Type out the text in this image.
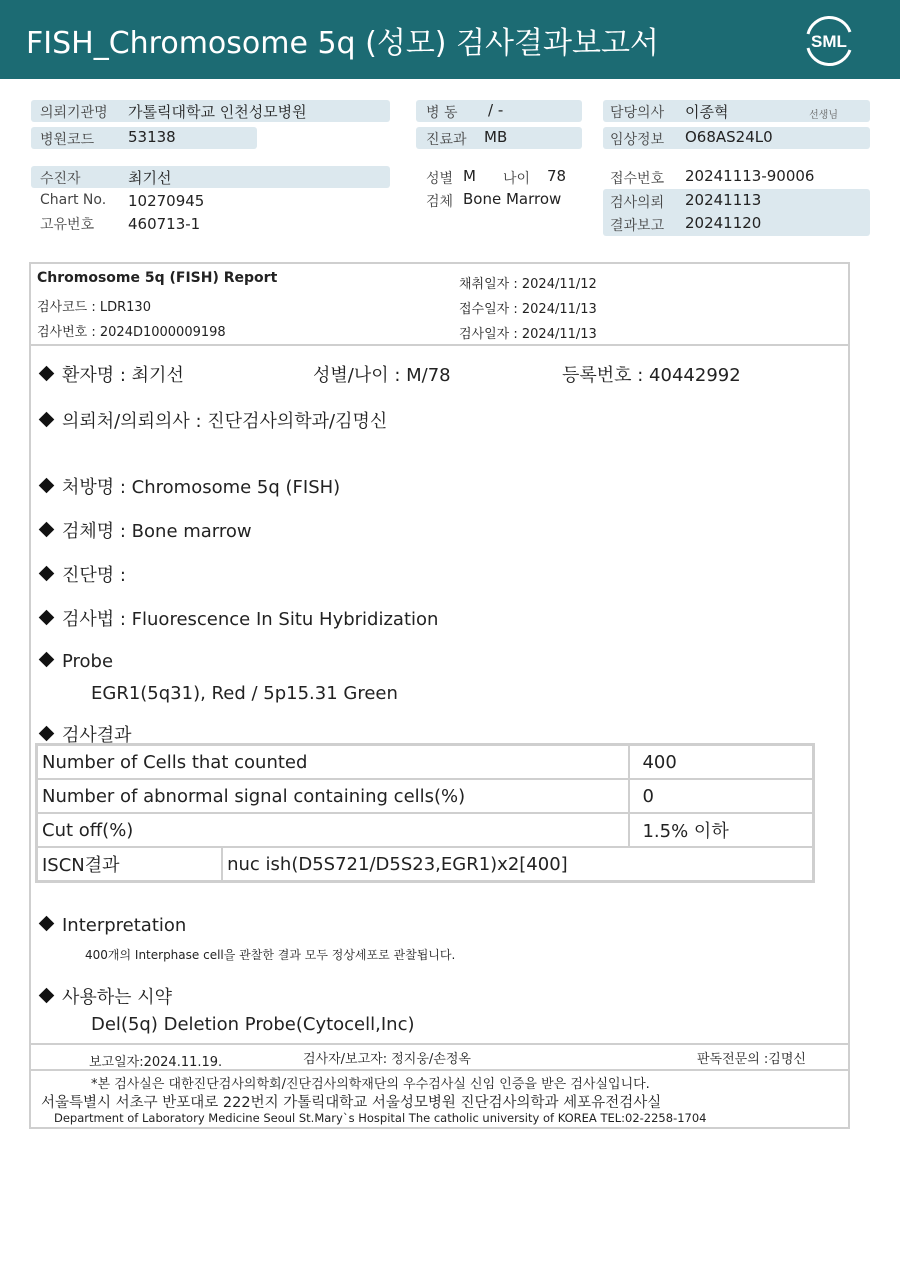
FISH_Chromosome 5q (성모) 검사결과보고서	SML
의뢰기관명 가톨릭대학교 인천성모병원
병원코드 53138
병 동 / -
진료과 MB
담당의사 이종혁	선생님
임상정보 O68AS24L0
수진자	최기선
Chart No. 10270945
고유번호 460713-1
성별 M 나이 78
검체 Bone Marrow
접수번호 20241113-90006
검사의뢰 20241113
결과보고 20241120
Chromosome 5q (FISH) Report
검사코드 : LDR130
검사번호 : 2024D1000009198
채취일자 : 2024/11/12
접수일자 : 2024/11/13
검사일자 : 2024/11/13
환자명 : 최기선	성별/나이 : M/78	등록번호 : 40442992
의뢰처/의뢰의사 : 진단검사의학과/김명신
처방명 : Chromosome 5q (FISH)
검체명 : Bone marrow
진단명 :
검사법 : Fluorescence In Situ Hybridization
Probe
EGR1(5q31), Red / 5p15.31 Green
검사결과
Number of Cells that counted		400
Number of abnormal signal containing cells(%)		0
Cut off(%)		1.5% 이하
ISCN결과	nuc ish(D5S721/D5S23,EGR1)x2[400]	
Interpretation
400개의 Interphase cell을 관찰한 결과 모두 정상세포로 관찰됩니다.
사용하는 시약
Del(5q) Deletion Probe(Cytocell,Inc)
보고일자:2024.11.19.	검사자/보고자: 정지웅/손정옥	판독전문의 :김명신
*본 검사실은 대한진단검사의학회/진단검사의학재단의 우수검사실 신임 인증을 받은 검사실입니다.
서울특별시 서초구 반포대로 222번지 가톨릭대학교 서울성모병원 진단검사의학과 세포유전검사실
Department of Laboratory Medicine Seoul St.Mary`s Hospital The catholic university of KOREA TEL:02-2258-1704
